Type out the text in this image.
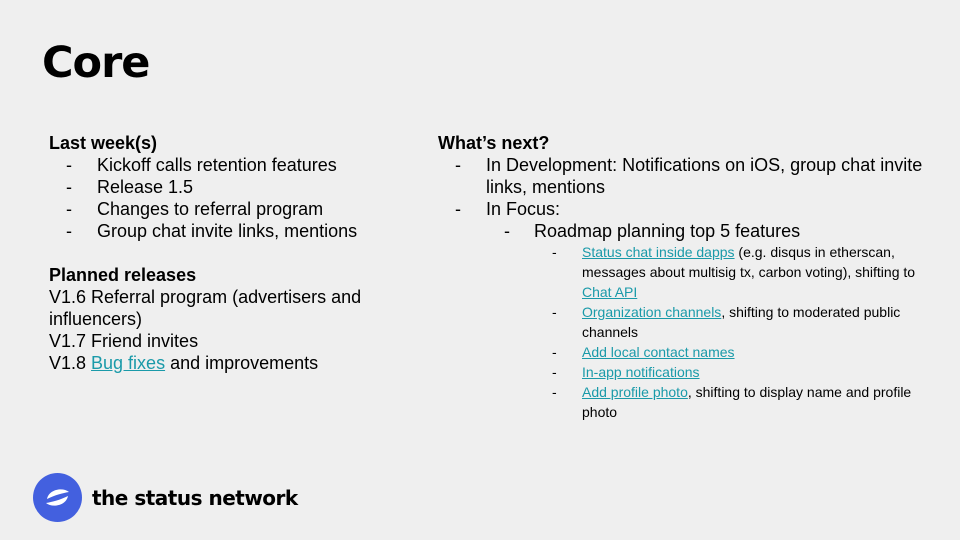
Core
Last week(s)
- Kickoff calls retention features
- Release 1.5
- Changes to referral program
- Group chat invite links, mentions
Planned releases
V1.6 Referral program (advertisers and influencers)
V1.7 Friend invites
V1.8 Bug fixes and improvements
What’s next?
- In Development: Notifications on iOS, group chat invite links, mentions
- In Focus:
- Roadmap planning top 5 features
- Status chat inside dapps (e.g. disqus in etherscan, messages about multisig tx, carbon voting), shifting to Chat API
- Organization channels, shifting to moderated public channels
- Add local contact names
- In-app notifications
- Add profile photo, shifting to display name and profile photo
the status network
